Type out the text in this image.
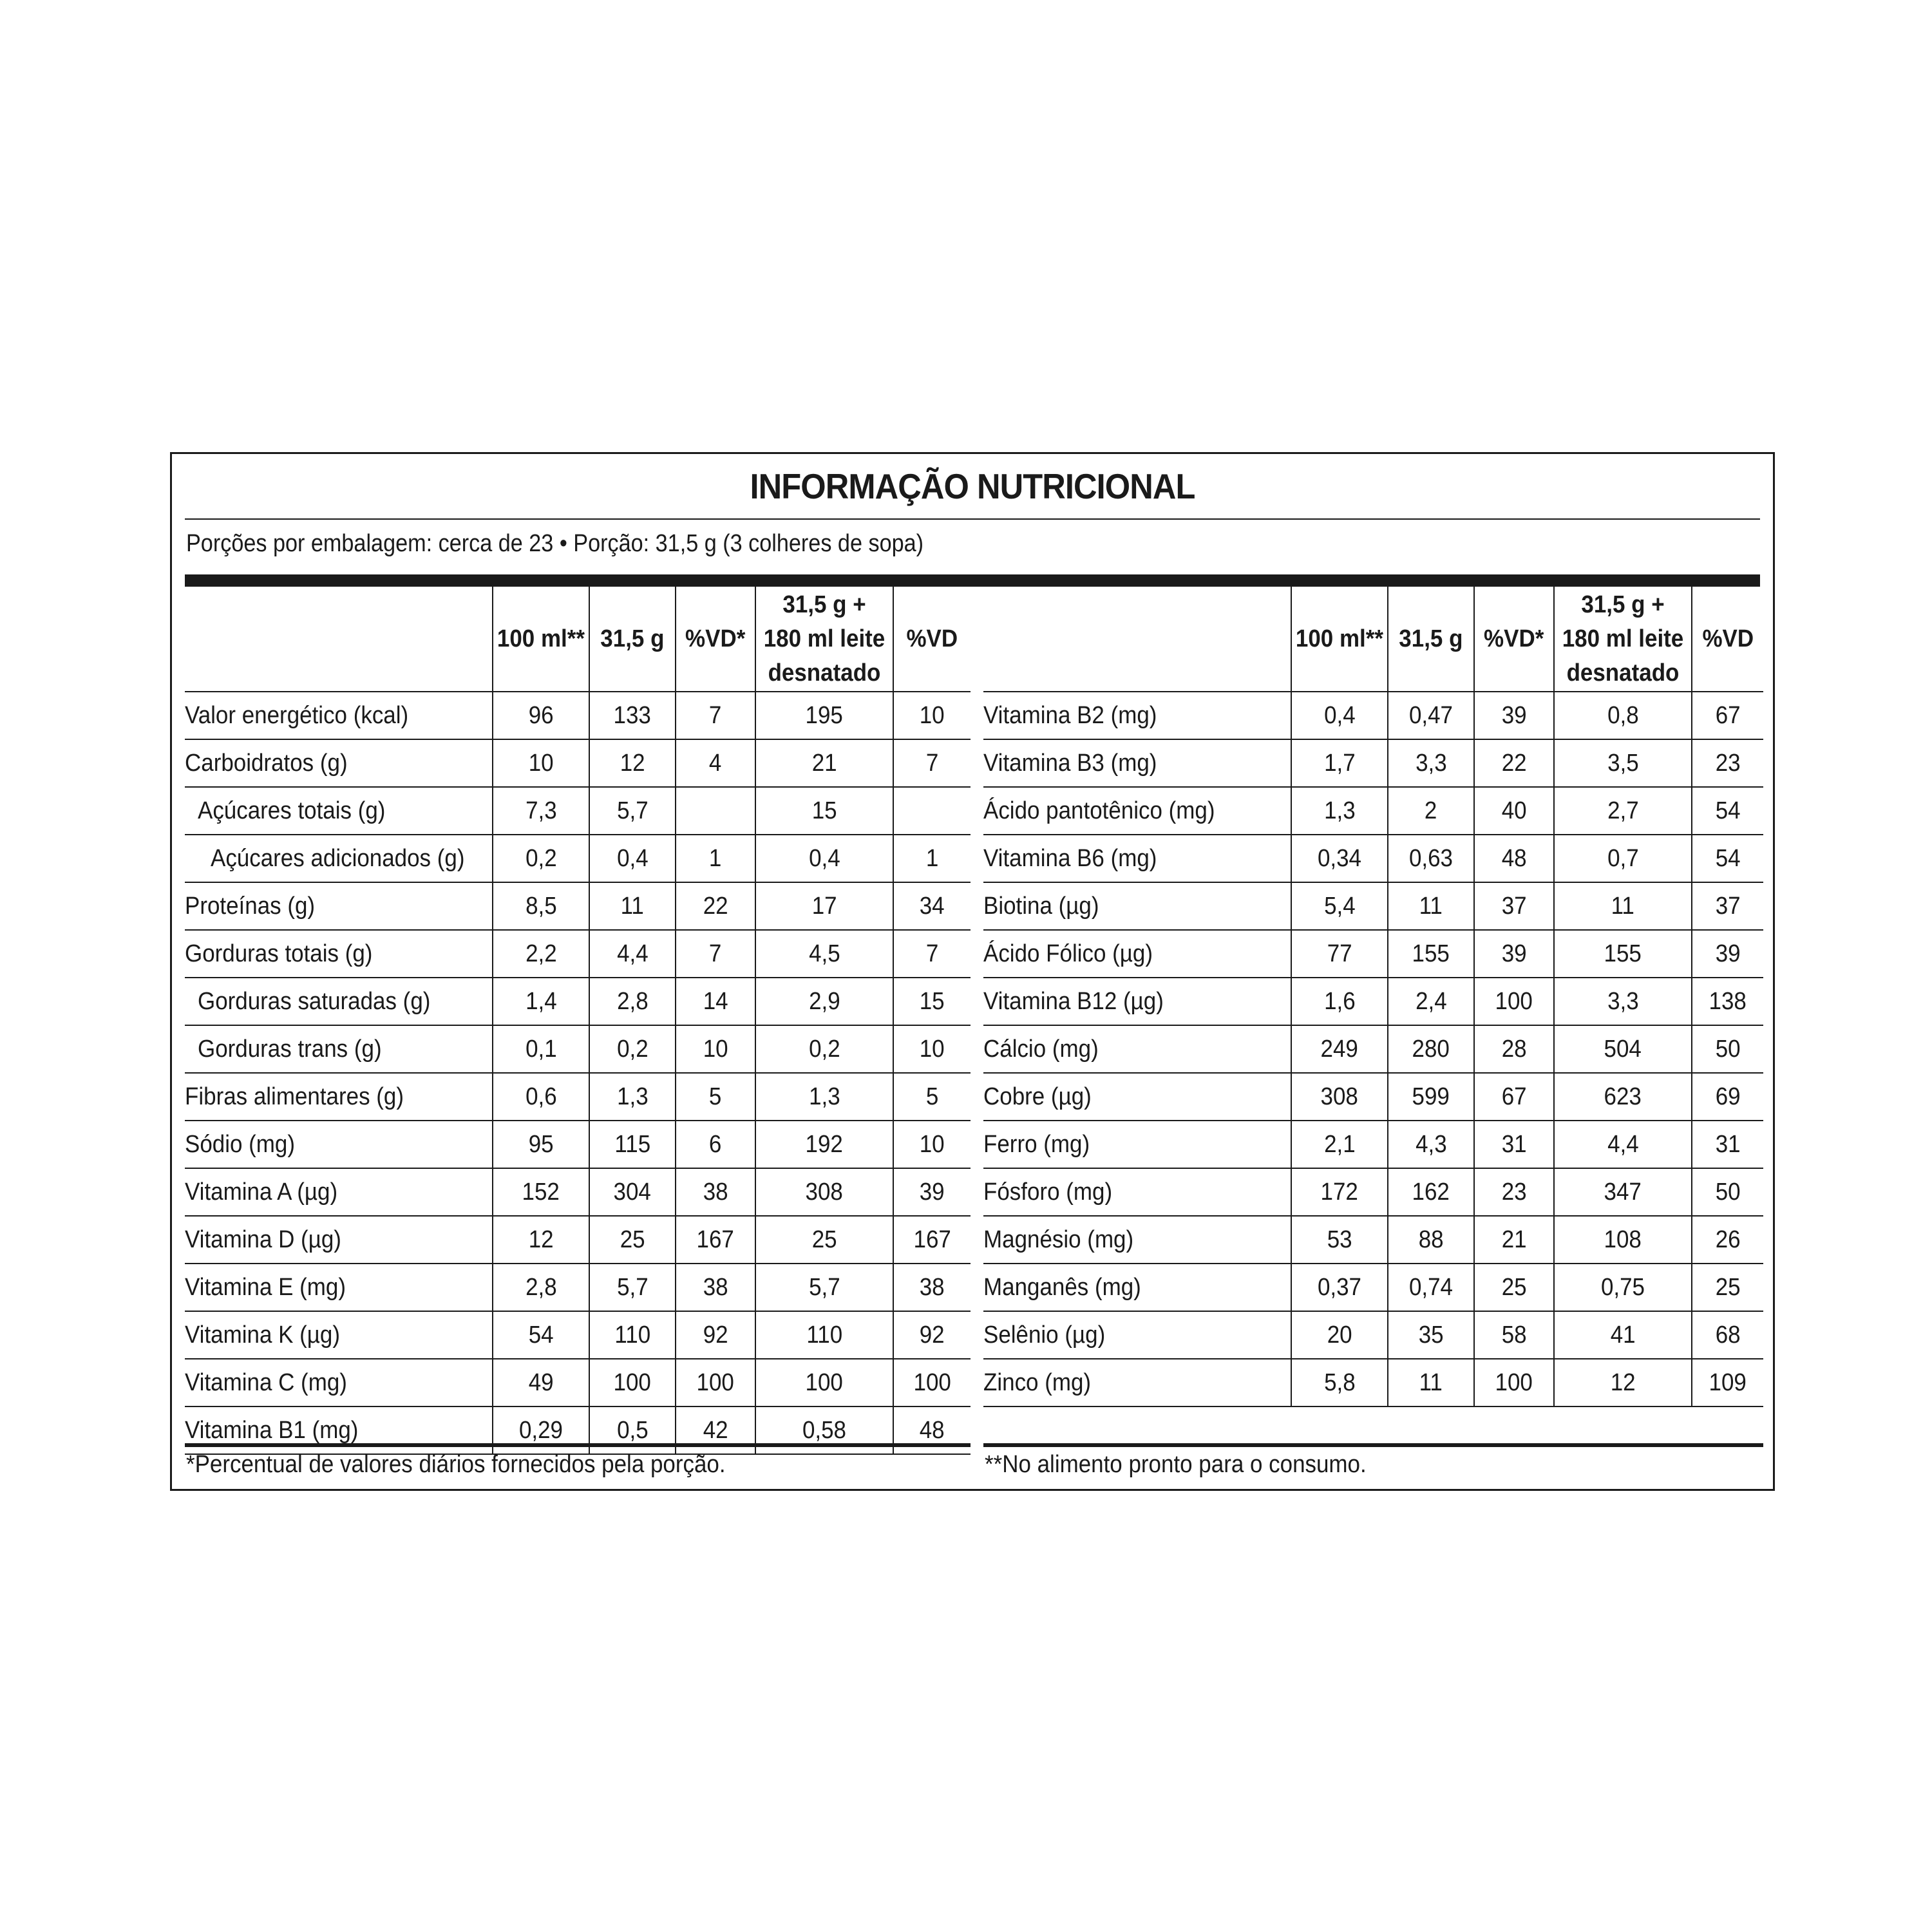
INFORMAÇÃO NUTRICIONAL
Porções por embalagem: cerca de 23 • Porção: 31,5 g (3 colheres de sopa)
	100 ml**	31,5 g	%VD*	31,5 g + 180 ml leite desnatado	%VD
Valor energético (kcal)	96	133	7	195	10
Carboidratos (g)	10	12	4	21	7
Açúcares totais (g)	7,3	5,7		15	
Açúcares adicionados (g)	0,2	0,4	1	0,4	1
Proteínas (g)	8,5	11	22	17	34
Gorduras totais (g)	2,2	4,4	7	4,5	7
Gorduras saturadas (g)	1,4	2,8	14	2,9	15
Gorduras trans (g)	0,1	0,2	10	0,2	10
Fibras alimentares (g)	0,6	1,3	5	1,3	5
Sódio (mg)	95	115	6	192	10
Vitamina A (µg)	152	304	38	308	39
Vitamina D (µg)	12	25	167	25	167
Vitamina E (mg)	2,8	5,7	38	5,7	38
Vitamina K (µg)	54	110	92	110	92
Vitamina C (mg)	49	100	100	100	100
Vitamina B1 (mg)	0,29	0,5	42	0,58	48
	100 ml**	31,5 g	%VD*	31,5 g + 180 ml leite desnatado	%VD
Vitamina B2 (mg)	0,4	0,47	39	0,8	67
Vitamina B3 (mg)	1,7	3,3	22	3,5	23
Ácido pantotênico (mg)	1,3	2	40	2,7	54
Vitamina B6 (mg)	0,34	0,63	48	0,7	54
Biotina (µg)	5,4	11	37	11	37
Ácido Fólico (µg)	77	155	39	155	39
Vitamina B12 (µg)	1,6	2,4	100	3,3	138
Cálcio (mg)	249	280	28	504	50
Cobre (µg)	308	599	67	623	69
Ferro (mg)	2,1	4,3	31	4,4	31
Fósforo (mg)	172	162	23	347	50
Magnésio (mg)	53	88	21	108	26
Manganês (mg)	0,37	0,74	25	0,75	25
Selênio (µg)	20	35	58	41	68
Zinco (mg)	5,8	11	100	12	109
*Percentual de valores diários fornecidos pela porção.	**No alimento pronto para o consumo.
